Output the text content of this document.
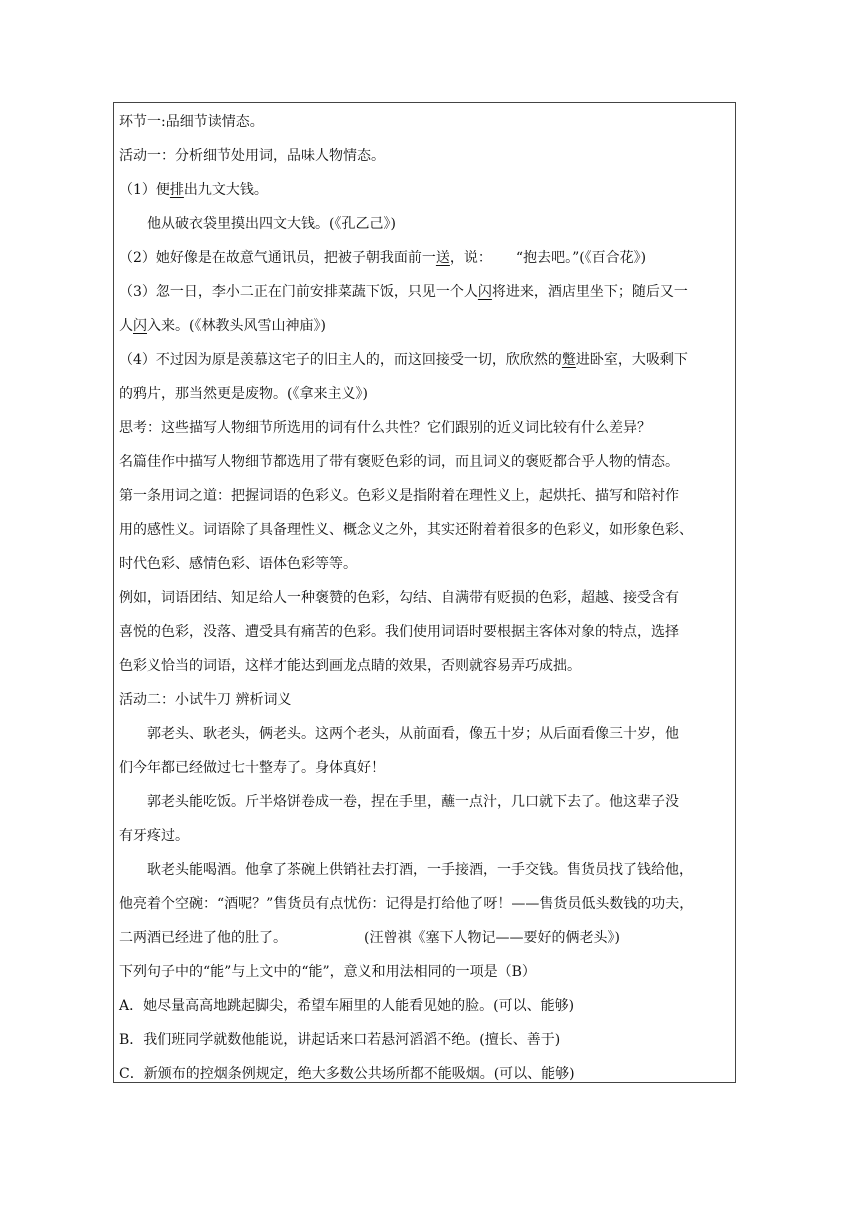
环节一:品细节读情态。
活动一：分析细节处用词，品味人物情态。
（1）便排出九文大钱。
他从破衣袋里摸出四文大钱。(《孔乙己》)
（2）她好像是在故意气通讯员，把被子朝我面前一送，说： “抱去吧。”(《百合花》)
（3）忽一日，李小二正在门前安排菜蔬下饭，只见一个人闪将进来，酒店里坐下；随后又一
人闪入来。(《林教头风雪山神庙》)
（4）不过因为原是羡慕这宅子的旧主人的，而这回接受一切，欣欣然的蹩进卧室，大吸剩下
的鸦片，那当然更是废物。(《拿来主义》)
思考：这些描写人物细节所选用的词有什么共性？它们跟别的近义词比较有什么差异？
名篇佳作中描写人物细节都选用了带有褒贬色彩的词，而且词义的褒贬都合乎人物的情态。
第一条用词之道：把握词语的色彩义。色彩义是指附着在理性义上，起烘托、描写和陪衬作
用的感性义。词语除了具备理性义、概念义之外，其实还附着着很多的色彩义，如形象色彩、
时代色彩、感情色彩、语体色彩等等。
例如，词语团结、知足给人一种褒赞的色彩，勾结、自满带有贬损的色彩，超越、接受含有
喜悦的色彩，没落、遭受具有痛苦的色彩。我们使用词语时要根据主客体对象的特点，选择
色彩义恰当的词语，这样才能达到画龙点睛的效果，否则就容易弄巧成拙。
活动二：小试牛刀 辨析词义
郭老头、耿老头，俩老头。这两个老头，从前面看，像五十岁；从后面看像三十岁，他
们今年都已经做过七十整寿了。身体真好！
郭老头能吃饭。斤半烙饼卷成一卷，捏在手里，蘸一点汁，几口就下去了。他这辈子没
有牙疼过。
耿老头能喝酒。他拿了茶碗上供销社去打酒，一手接酒，一手交钱。售货员找了钱给他，
他亮着个空碗：“酒呢？”售货员有点忧伤：记得是打给他了呀！——售货员低头数钱的功夫，
二两酒已经进了他的肚了。	(汪曾祺《塞下人物记——要好的俩老头》)
下列句子中的“能”与上文中的“能”，意义和用法相同的一项是（B）
A．她尽量高高地跳起脚尖，希望车厢里的人能看见她的脸。(可以、能够)
B．我们班同学就数他能说，讲起话来口若悬河滔滔不绝。(擅长、善于)
C．新颁布的控烟条例规定，绝大多数公共场所都不能吸烟。(可以、能够)
